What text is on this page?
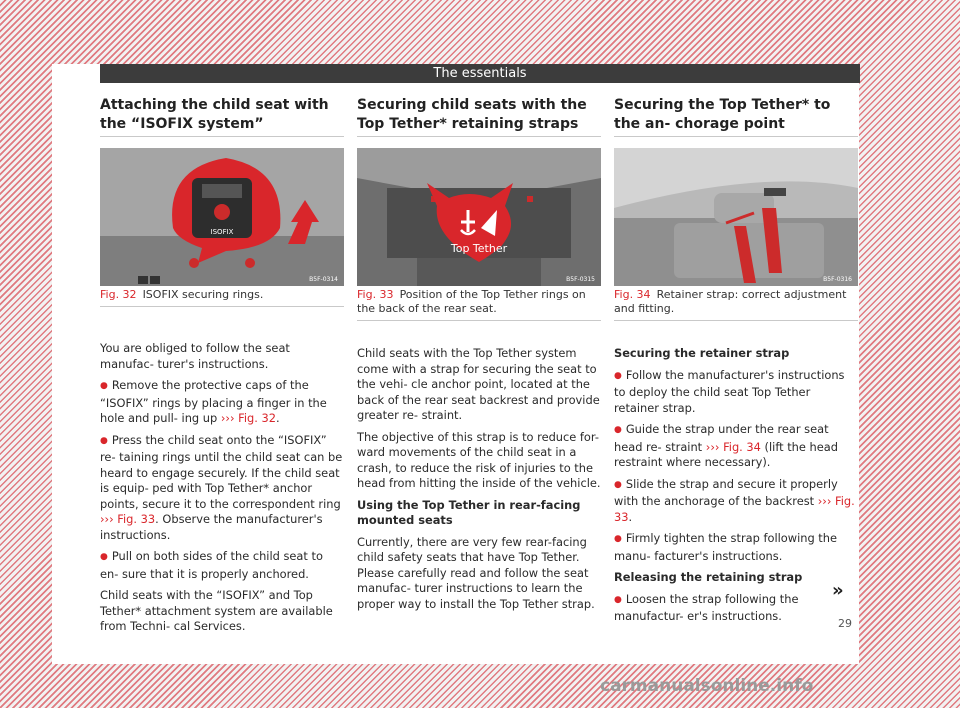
The essentials
Attaching the child seat with the “ISOFIX system”
ISOFIX
B5F-0314
Fig. 32 ISOFIX securing rings.

You are obliged to follow the seat manufac- turer's instructions.

● Remove the protective caps of the “ISOFIX” rings by placing a finger in the hole and pull- ing up ››› Fig. 32.

● Press the child seat onto the “ISOFIX” re- taining rings until the child seat can be heard to engage securely. If the child seat is equip- ped with Top Tether* anchor points, secure it to the correspondent ring ››› Fig. 33. Observe the manufacturer's instructions.

● Pull on both sides of the child seat to en- sure that it is properly anchored.

Child seats with the “ISOFIX” and Top Tether* attachment system are available from Techni- cal Services.

Securing child seats with the Top Tether* retaining straps
Top Tether
B5F-0315
Fig. 33 Position of the Top Tether rings on the back of the rear seat.

Child seats with the Top Tether system come with a strap for securing the seat to the vehi- cle anchor point, located at the back of the rear seat backrest and provide greater re- straint.

The objective of this strap is to reduce for- ward movements of the child seat in a crash, to reduce the risk of injuries to the head from hitting the inside of the vehicle.

Using the Top Tether in rear-facing mounted seats

Currently, there are very few rear-facing child safety seats that have Top Tether. Please carefully read and follow the seat manufac- turer instructions to learn the proper way to install the Top Tether strap.

Securing the Top Tether* to the an- chorage point
B5F-0316
Fig. 34 Retainer strap: correct adjustment and fitting.

Securing the retainer strap

● Follow the manufacturer's instructions to deploy the child seat Top Tether retainer strap.

● Guide the strap under the rear seat head re- straint ››› Fig. 34 (lift the head restraint where necessary).

● Slide the strap and secure it properly with the anchorage of the backrest ››› Fig. 33.

● Firmly tighten the strap following the manu- facturer's instructions.

Releasing the retaining strap

● Loosen the strap following the manufactur- er's instructions.

»
29
carmanualsonline.info
